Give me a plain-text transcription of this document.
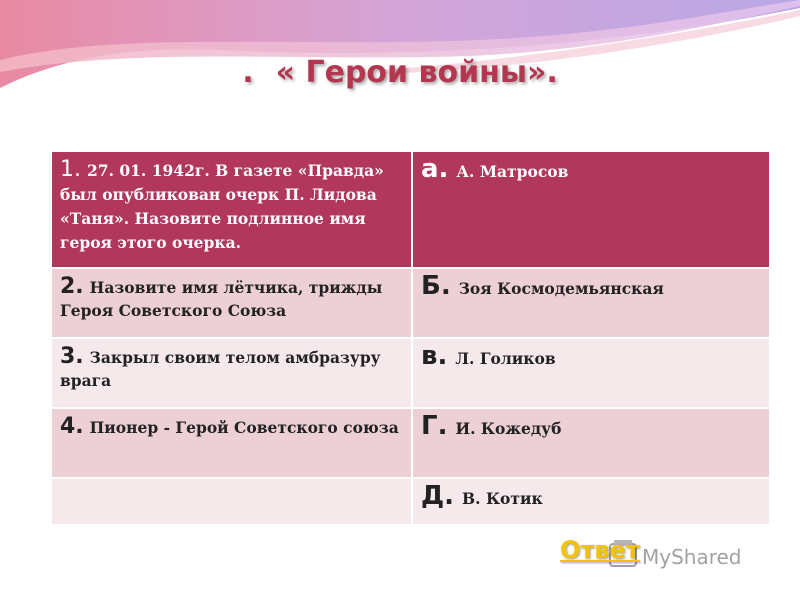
. « Герои войны».
1. 27. 01. 1942г. В газете «Правда» был опубликован очерк П. Лидова «Таня». Назовите подлинное имя героя этого очерка.	а. А. Матросов
2. Назовите имя лётчика, трижды Героя Советского Союза	Б. Зоя Космодемьянская
3. Закрыл своим телом амбразуру врага	в. Л. Голиков
4. Пионер - Герой Советского союза	Г. И. Кожедуб
	Д. В. Котик
MyShared
Ответ
